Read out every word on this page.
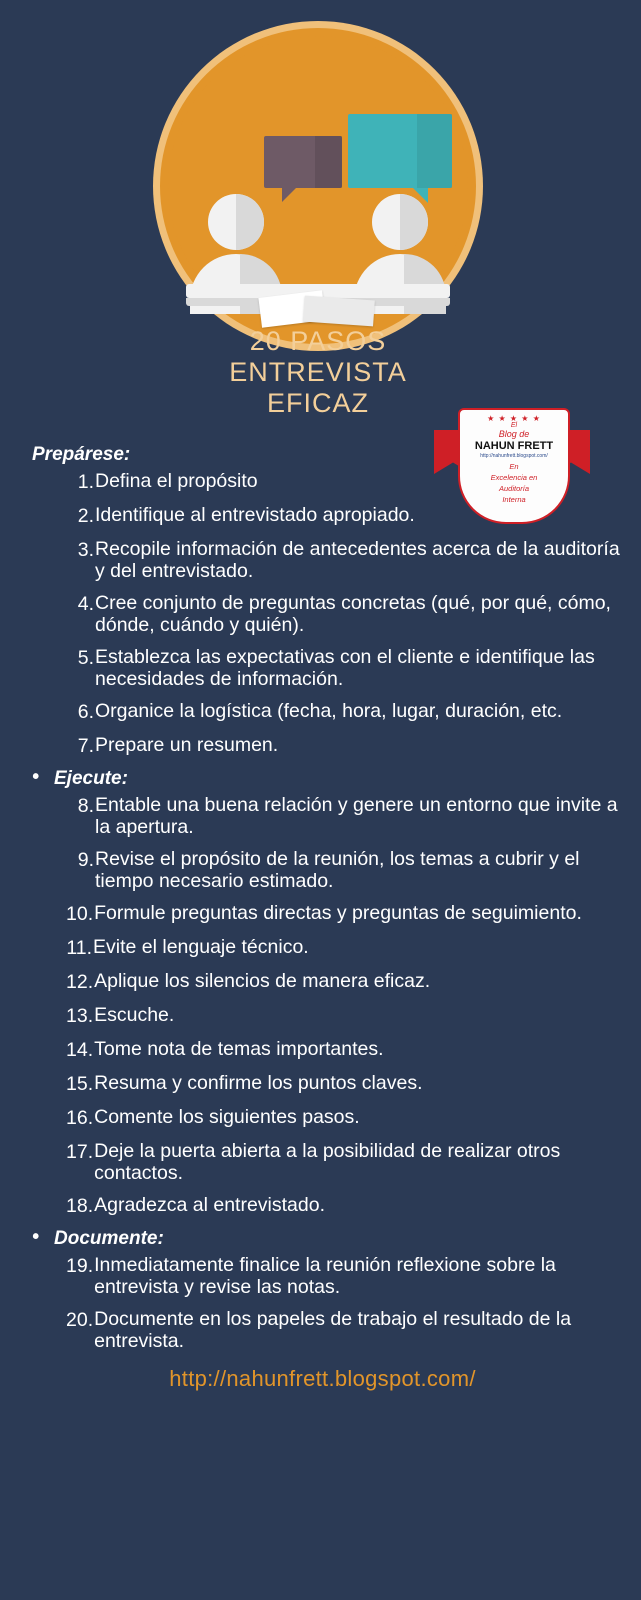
20 PASOS
ENTREVISTA
EFICAZ
★ ★ ★ ★ ★
El
Blog de
NAHUN FRETT
http://nahunfrett.blogspot.com/
En
Excelencia en
Auditoría
Interna
Prepárese:
1. Defina el propósito
2. Identifique al entrevistado apropiado.
3. Recopile información de antecedentes acerca de la auditoría y del entrevistado.
4. Cree conjunto de preguntas concretas (qué, por qué, cómo, dónde, cuándo y quién).
5. Establezca las expectativas con el cliente e identifique las necesidades de información.
6. Organice la logística (fecha, hora, lugar, duración, etc.
7. Prepare un resumen.
• Ejecute:
8. Entable una buena relación y genere un entorno que invite a la apertura.
9. Revise el propósito de la reunión, los temas a cubrir y el tiempo necesario estimado.
10. Formule preguntas directas y preguntas de seguimiento.
11. Evite el lenguaje técnico.
12. Aplique los silencios de manera eficaz.
13. Escuche.
14. Tome nota de temas importantes.
15. Resuma y confirme los puntos claves.
16. Comente los siguientes pasos.
17. Deje la puerta abierta a la posibilidad de realizar otros contactos.
18. Agradezca al entrevistado.
• Documente:
19. Inmediatamente finalice la reunión reflexione sobre la entrevista y revise las notas.
20. Documente en los papeles de trabajo el resultado de la entrevista.
http://nahunfrett.blogspot.com/
